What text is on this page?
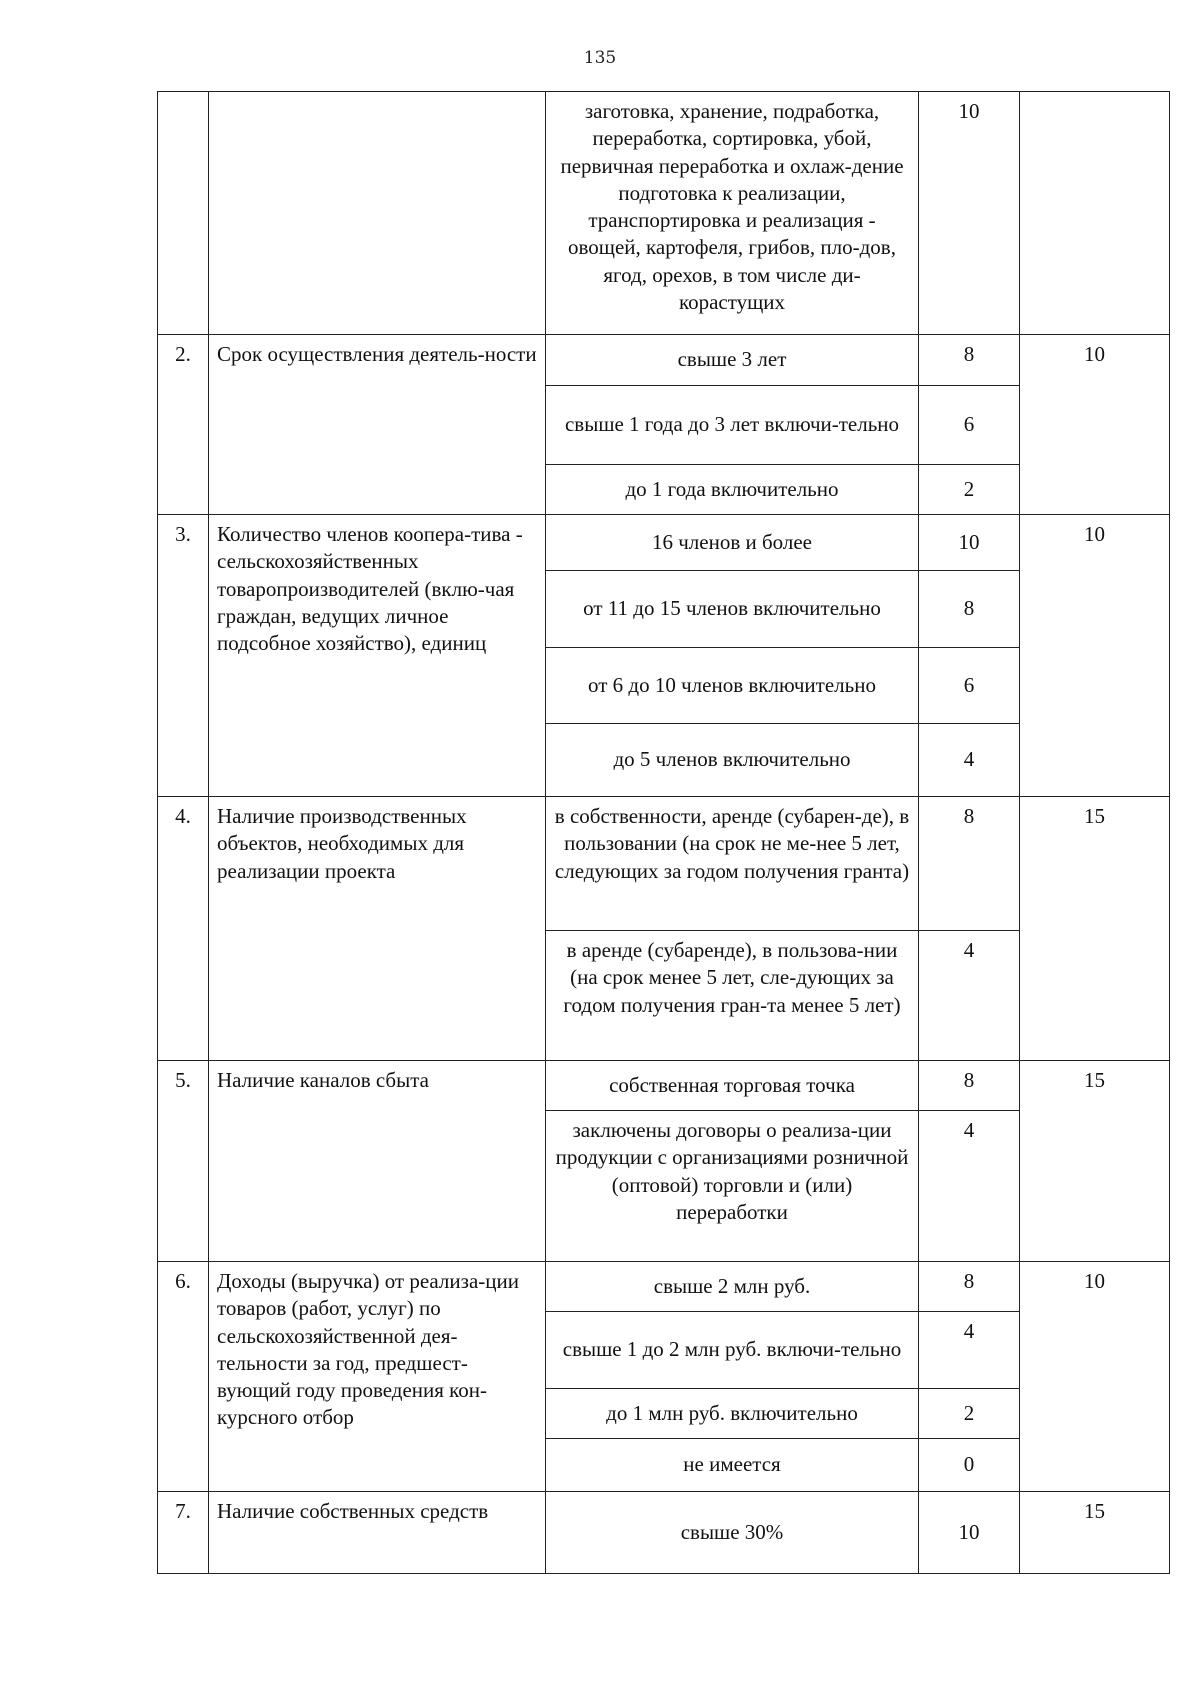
135
		заготовка, хранение, подработка, переработка, сортировка, убой, первичная переработка и охлаж-дение подготовка к реализации, транспортировка и реализация - овощей, картофеля, грибов, пло-дов, ягод, орехов, в том числе ди-корастущих	10	
2.	Срок осуществления деятель-ности	свыше 3 лет	8	10
		свыше 1 года до 3 лет включи-тельно	6	
		до 1 года включительно	2	
3.	Количество членов коопера-тива - сельскохозяйственных товаропроизводителей (вклю-чая граждан, ведущих личное подсобное хозяйство), единиц	16 членов и более	10	10
		от 11 до 15 членов включительно	8	
		от 6 до 10 членов включительно	6	
		до 5 членов включительно	4	
4.	Наличие производственных объектов, необходимых для реализации проекта	в собственности, аренде (субарен-де), в пользовании (на срок не ме-нее 5 лет, следующих за годом получения гранта)	8	15
		в аренде (субаренде), в пользова-нии (на срок менее 5 лет, сле-дующих за годом получения гран-та менее 5 лет)	4	
5.	Наличие каналов сбыта	собственная торговая точка	8	15
		заключены договоры о реализа-ции продукции с организациями розничной (оптовой) торговли и (или) переработки	4	
6.	Доходы (выручка) от реализа-ции товаров (работ, услуг) по сельскохозяйственной дея-тельности за год, предшест-вующий году проведения кон-курсного отбор	свыше 2 млн руб.	8	10
		свыше 1 до 2 млн руб. включи-тельно	4	
		до 1 млн руб. включительно	2	
		не имеется	0	
7.	Наличие собственных средств	свыше 30%	10	15
